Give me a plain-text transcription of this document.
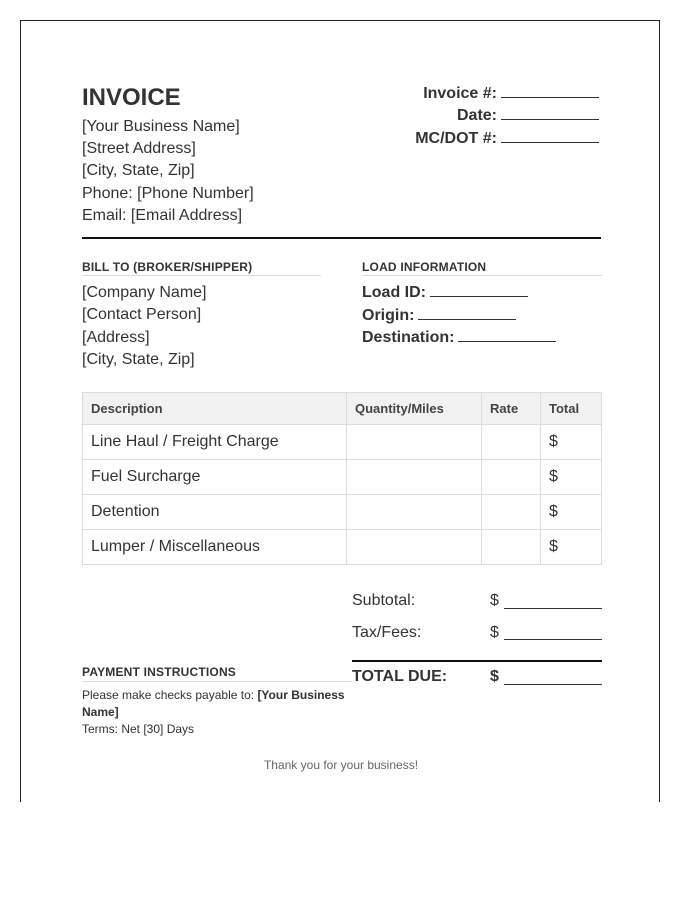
INVOICE
[Your Business Name]
[Street Address]
[City, State, Zip]
Phone: [Phone Number]
Email: [Email Address]
Invoice #:
Date:
MC/DOT #:
BILL TO (BROKER/SHIPPER)
[Company Name]
[Contact Person]
[Address]
[City, State, Zip]
LOAD INFORMATION
Load ID:
Origin:
Destination:
Description	Quantity/Miles	Rate	Total
Line Haul / Freight Charge			$
Fuel Surcharge			$
Detention			$
Lumper / Miscellaneous			$
Subtotal:	$
Tax/Fees:	$
TOTAL DUE:	$
PAYMENT INSTRUCTIONS
Please make checks payable to: [Your Business Name]
Terms: Net [30] Days
Thank you for your business!
